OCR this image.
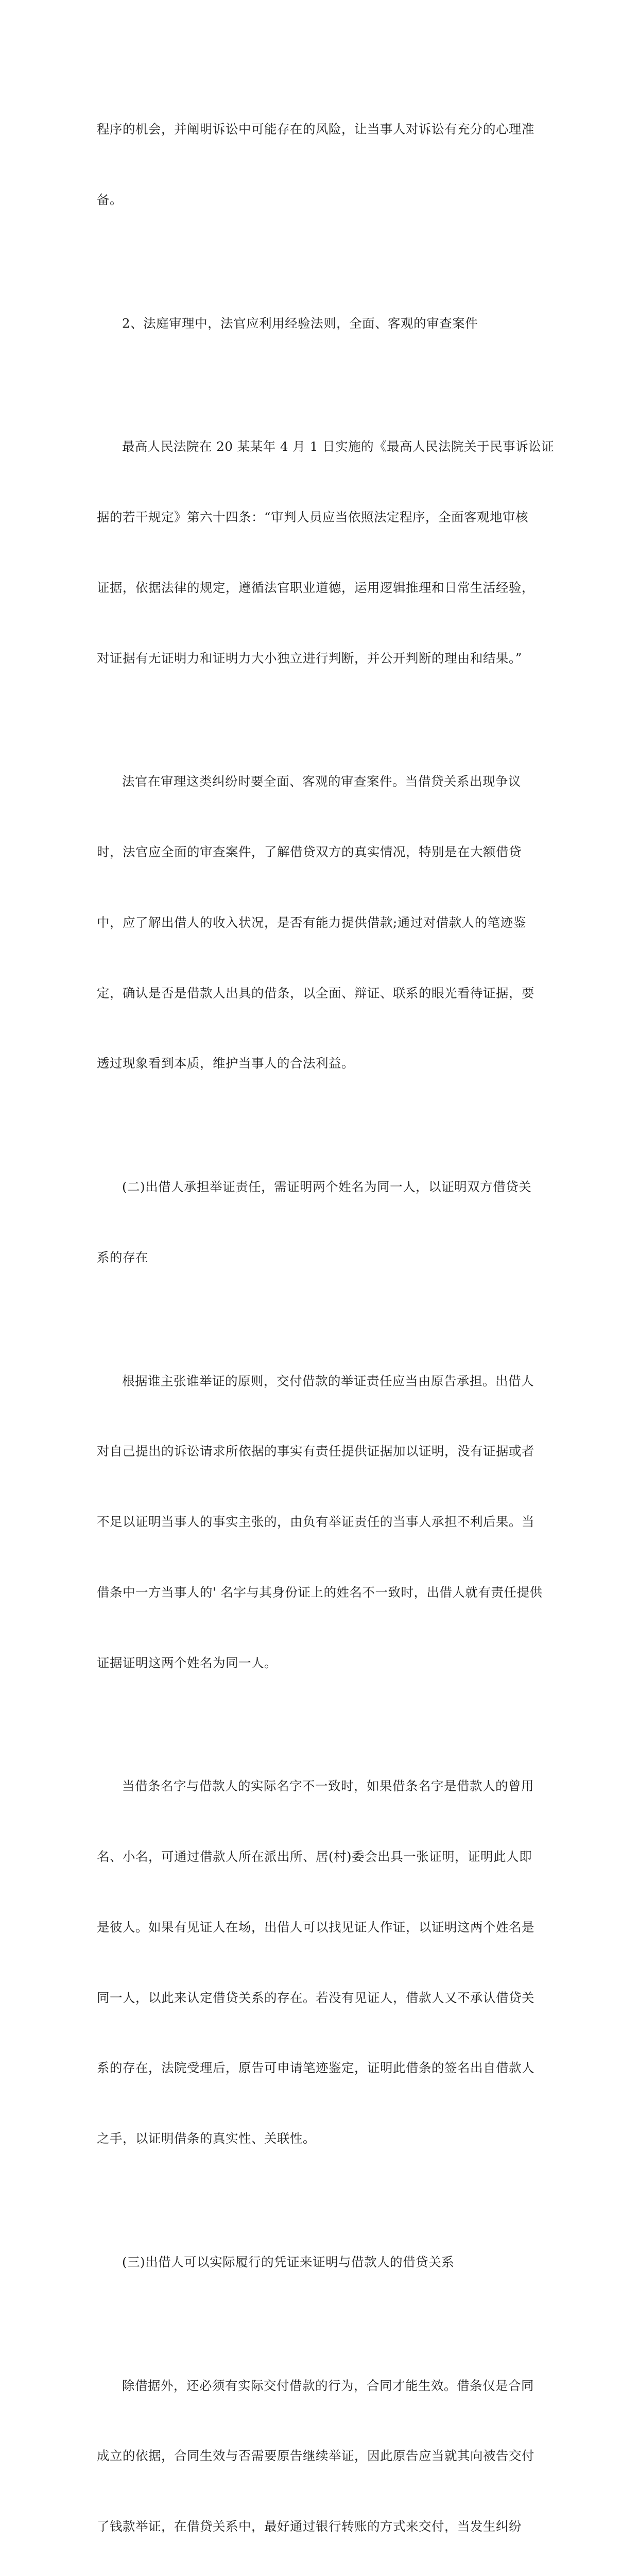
程序的机会，并阐明诉讼中可能存在的风险，让当事人对诉讼有充分的心理准

备。

2、法庭审理中，法官应利用经验法则，全面、客观的审查案件

最高人民法院在 20 某某年 4 月 1 日实施的《最高人民法院关于民事诉讼证

据的若干规定》第六十四条：“审判人员应当依照法定程序，全面客观地审核

证据，依据法律的规定，遵循法官职业道德，运用逻辑推理和日常生活经验，

对证据有无证明力和证明力大小独立进行判断，并公开判断的理由和结果。”

法官在审理这类纠纷时要全面、客观的审查案件。当借贷关系出现争议

时，法官应全面的审查案件，了解借贷双方的真实情况，特别是在大额借贷

中，应了解出借人的收入状况，是否有能力提供借款;通过对借款人的笔迹鉴

定，确认是否是借款人出具的借条，以全面、辩证、联系的眼光看待证据，要

透过现象看到本质，维护当事人的合法利益。

(二)出借人承担举证责任，需证明两个姓名为同一人，以证明双方借贷关

系的存在

根据谁主张谁举证的原则，交付借款的举证责任应当由原告承担。出借人

对自己提出的诉讼请求所依据的事实有责任提供证据加以证明，没有证据或者

不足以证明当事人的事实主张的，由负有举证责任的当事人承担不利后果。当

借条中一方当事人的' 名字与其身份证上的姓名不一致时，出借人就有责任提供

证据证明这两个姓名为同一人。

当借条名字与借款人的实际名字不一致时，如果借条名字是借款人的曾用

名、小名，可通过借款人所在派出所、居(村)委会出具一张证明，证明此人即

是彼人。如果有见证人在场，出借人可以找见证人作证，以证明这两个姓名是

同一人，以此来认定借贷关系的存在。若没有见证人，借款人又不承认借贷关

系的存在，法院受理后，原告可申请笔迹鉴定，证明此借条的签名出自借款人

之手，以证明借条的真实性、关联性。

(三)出借人可以实际履行的凭证来证明与借款人的借贷关系

除借据外，还必须有实际交付借款的行为，合同才能生效。借条仅是合同

成立的依据，合同生效与否需要原告继续举证，因此原告应当就其向被告交付

了钱款举证，在借贷关系中，最好通过银行转账的方式来交付，当发生纠纷
